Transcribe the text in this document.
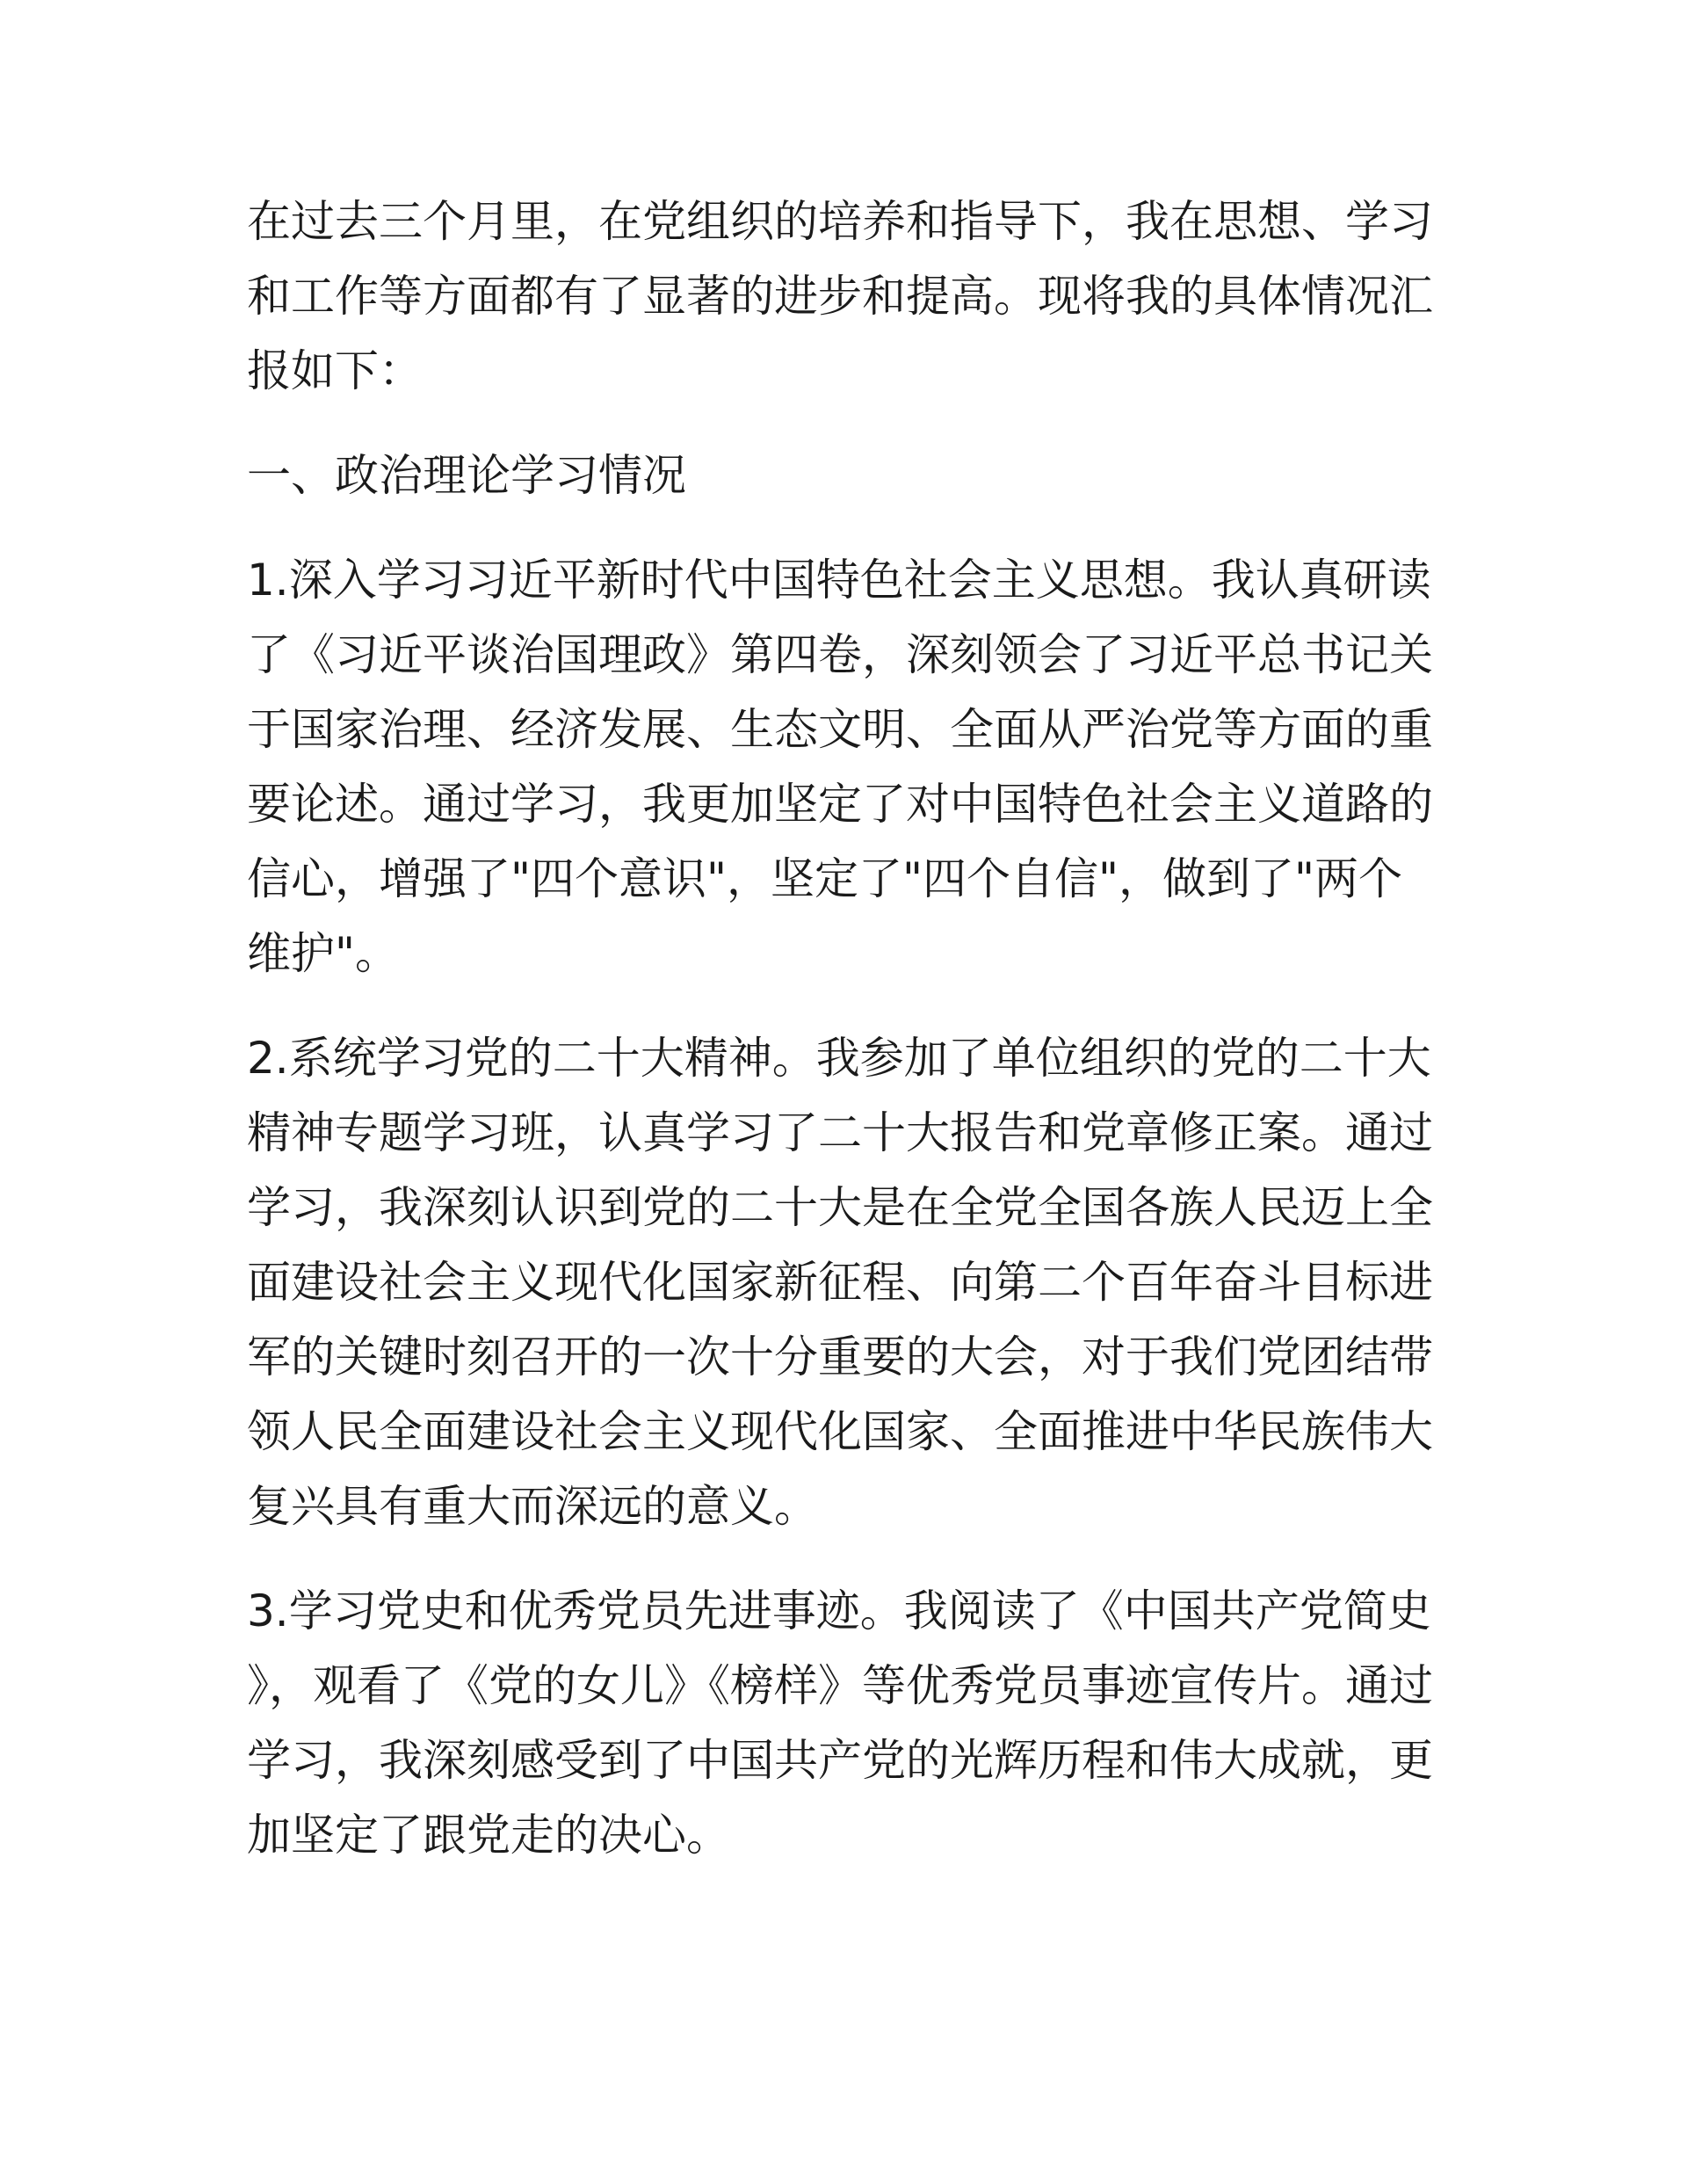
在过去三个月里，在党组织的培养和指导下，我在思想、学习和工作等方面都有了显著的进步和提高。现将我的具体情况汇报如下：

一、政治理论学习情况

1.深入学习习近平新时代中国特色社会主义思想。我认真研读了《习近平谈治国理政》第四卷，深刻领会了习近平总书记关于国家治理、经济发展、生态文明、全面从严治党等方面的重要论述。通过学习，我更加坚定了对中国特色社会主义道路的信心，增强了"四个意识"，坚定了"四个自信"，做到了"两个维护"。

2.系统学习党的二十大精神。我参加了单位组织的党的二十大精神专题学习班，认真学习了二十大报告和党章修正案。通过学习，我深刻认识到党的二十大是在全党全国各族人民迈上全面建设社会主义现代化国家新征程、向第二个百年奋斗目标进军的关键时刻召开的一次十分重要的大会，对于我们党团结带领人民全面建设社会主义现代化国家、全面推进中华民族伟大复兴具有重大而深远的意义。

3.学习党史和优秀党员先进事迹。我阅读了《中国共产党简史》，观看了《党的女儿》《榜样》等优秀党员事迹宣传片。通过学习，我深刻感受到了中国共产党的光辉历程和伟大成就，更加坚定了跟党走的决心。
